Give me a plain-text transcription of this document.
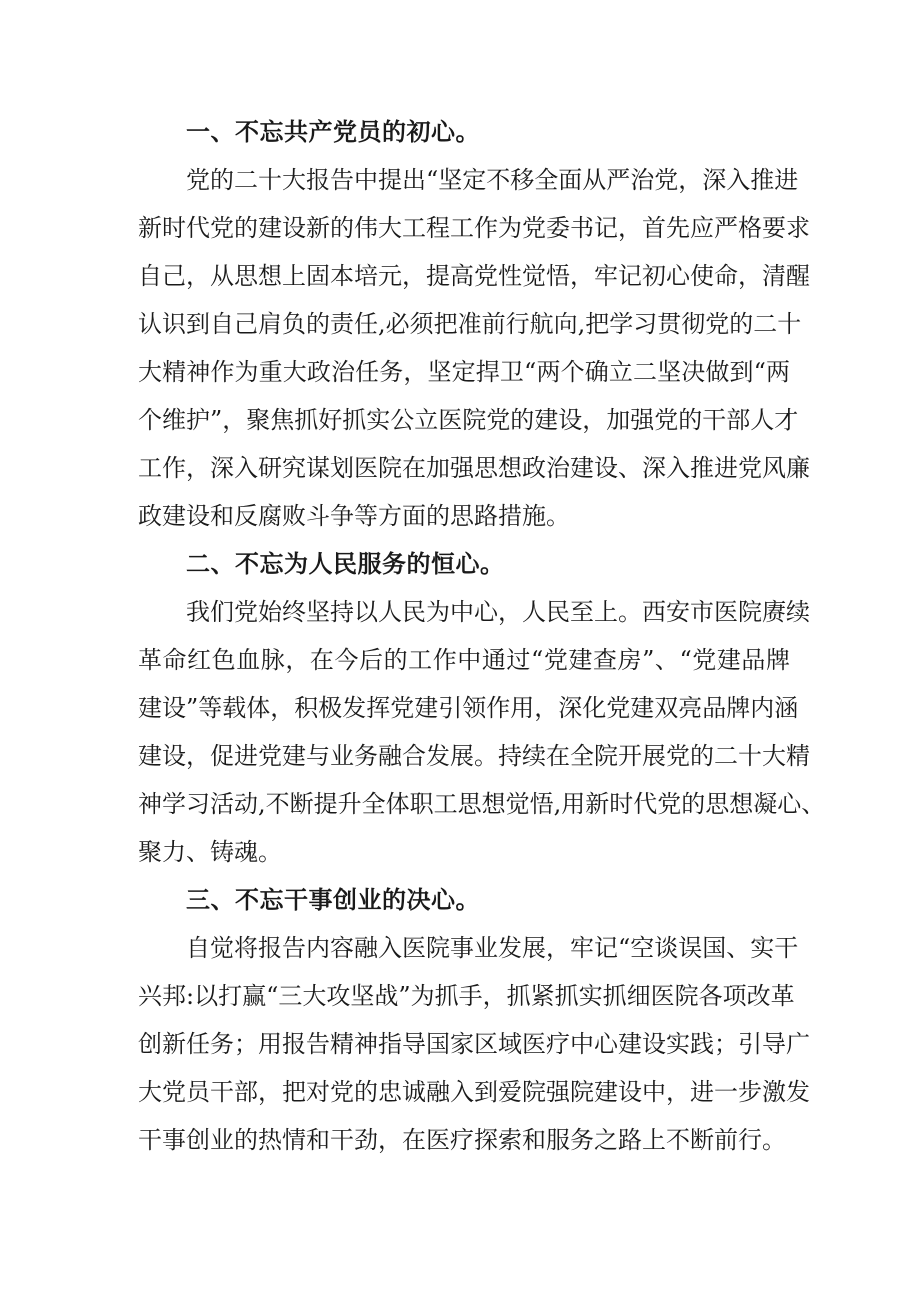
一、不忘共产党员的初心。
党的二十大报告中提出“坚定不移全面从严治党，深入推进
新时代党的建设新的伟大工程工作为党委书记，首先应严格要求
自己，从思想上固本培元，提高党性觉悟，牢记初心使命，清醒
认识到自己肩负的责任,必须把准前行航向,把学习贯彻党的二十
大精神作为重大政治任务，坚定捍卫“两个确立二坚决做到“两
个维护”，聚焦抓好抓实公立医院党的建设，加强党的干部人才
工作，深入研究谋划医院在加强思想政治建设、深入推进党风廉
政建设和反腐败斗争等方面的思路措施。
二、不忘为人民服务的恒心。
我们党始终坚持以人民为中心，人民至上。西安市医院赓续
革命红色血脉，在今后的工作中通过“党建查房”、“党建品牌
建设”等载体，积极发挥党建引领作用，深化党建双亮品牌内涵
建设，促进党建与业务融合发展。持续在全院开展党的二十大精
神学习活动,不断提升全体职工思想觉悟,用新时代党的思想凝心、
聚力、铸魂。
三、不忘干事创业的决心。
自觉将报告内容融入医院事业发展，牢记“空谈误国、实干
兴邦:以打赢“三大攻坚战”为抓手，抓紧抓实抓细医院各项改革
创新任务；用报告精神指导国家区域医疗中心建设实践；引导广
大党员干部，把对党的忠诚融入到爱院强院建设中，进一步激发
干事创业的热情和干劲，在医疗探索和服务之路上不断前行。
